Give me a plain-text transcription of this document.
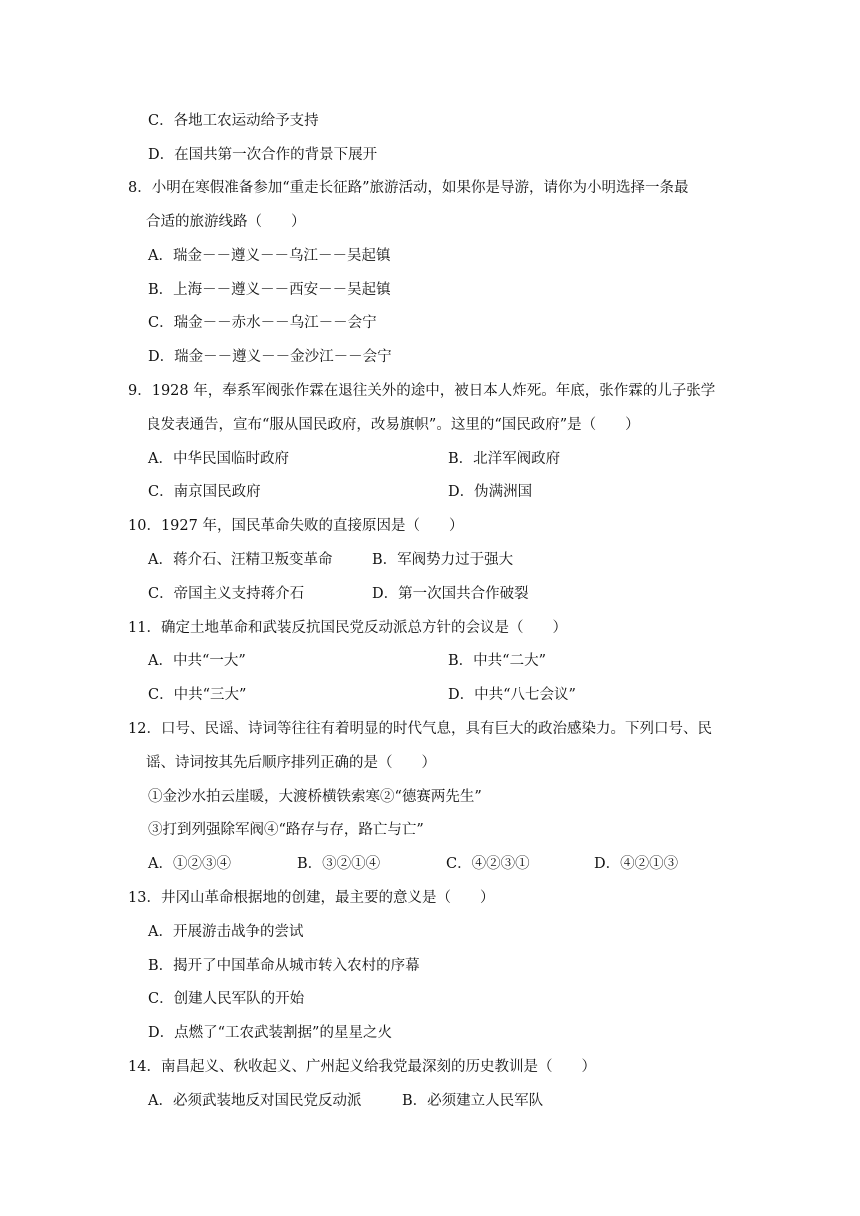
C．各地工农运动给予支持
D．在国共第一次合作的背景下展开
8．小明在寒假准备参加“重走长征路”旅游活动，如果你是导游，请你为小明选择一条最
合适的旅游线路（　　）
A．瑞金－－遵义－－乌江－－吴起镇
B．上海－－遵义－－西安－－吴起镇
C．瑞金－－赤水－－乌江－－会宁
D．瑞金－－遵义－－金沙江－－会宁
9．1928 年，奉系军阀张作霖在退往关外的途中，被日本人炸死。年底，张作霖的儿子张学
良发表通告，宣布“服从国民政府，改易旗帜”。这里的“国民政府”是（　　）
A．中华民国临时政府	B．北洋军阀政府
C．南京国民政府	D．伪满洲国
10．1927 年，国民革命失败的直接原因是（　　）
A．蒋介石、汪精卫叛变革命	B．军阀势力过于强大
C．帝国主义支持蒋介石	D．第一次国共合作破裂
11．确定土地革命和武装反抗国民党反动派总方针的会议是（　　）
A．中共“一大”	B．中共“二大”
C．中共“三大”	D．中共“八七会议”
12．口号、民谣、诗词等往往有着明显的时代气息，具有巨大的政治感染力。下列口号、民
谣、诗词按其先后顺序排列正确的是（　　）
①金沙水拍云崖暖，大渡桥横铁索寒②“德赛两先生”
③打到列强除军阀④“路存与存，路亡与亡”
A．①②③④	B．③②①④	C．④②③①	D．④②①③
13．井冈山革命根据地的创建，最主要的意义是（　　）
A．开展游击战争的尝试
B．揭开了中国革命从城市转入农村的序幕
C．创建人民军队的开始
D．点燃了“工农武装割据”的星星之火
14．南昌起义、秋收起义、广州起义给我党最深刻的历史教训是（　　）
A．必须武装地反对国民党反动派	B．必须建立人民军队
